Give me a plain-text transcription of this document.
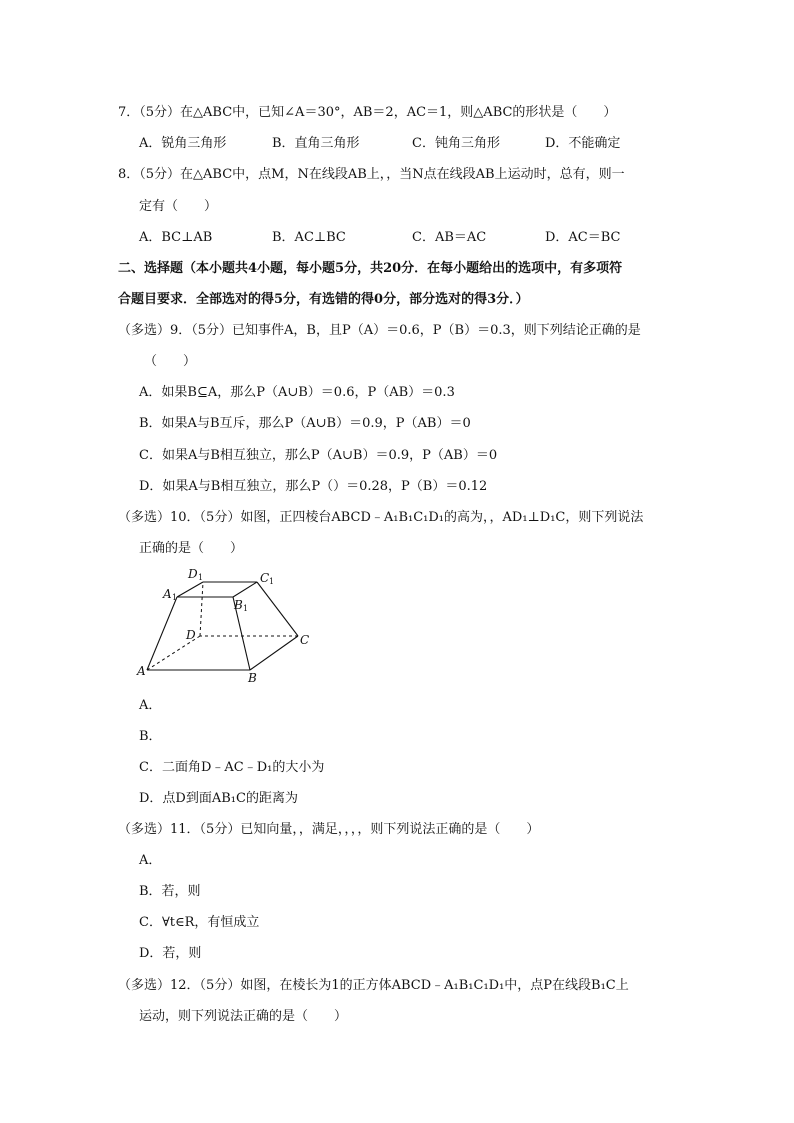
7．（5分）在△ABC中，已知∠A＝30°，AB＝2，AC＝1，则△ABC的形状是（　　）
A．锐角三角形	B．直角三角形	C．钝角三角形	D．不能确定
8．（5分）在△ABC中，点M，N在线段AB上，，当N点在线段AB上运动时，总有，则一
定有（　　）
A．BC⊥AB	B．AC⊥BC	C．AB＝AC	D．AC＝BC
二、选择题（本小题共4小题，每小题5分，共20分．在每小题给出的选项中，有多项符
合题目要求．全部选对的得5分，有选错的得0分，部分选对的得3分．）
（多选）9．（5分）已知事件A，B，且P（A）＝0.6，P（B）＝0.3，则下列结论正确的是
（　　）
A．如果B⊆A，那么P（A∪B）＝0.6，P（AB）＝0.3
B．如果A与B互斥，那么P（A∪B）＝0.9，P（AB）＝0
C．如果A与B相互独立，那么P（A∪B）＝0.9，P（AB）＝0
D．如果A与B相互独立，那么P（）＝0.28，P（B）＝0.12
（多选）10．（5分）如图，正四棱台ABCD﹣A₁B₁C₁D₁的高为，，AD₁⊥D₁C，则下列说法
正确的是（　　）
D 1	C 1
A 1
B 1
D	C
A	B
A．
B．
C．二面角D﹣AC﹣D₁的大小为
D．点D到面AB₁C的距离为
（多选）11．（5分）已知向量，，满足，，，，则下列说法正确的是（　　）
A．
B．若，则
C．∀t∈R，有恒成立
D．若，则
（多选）12．（5分）如图，在棱长为1的正方体ABCD﹣A₁B₁C₁D₁中，点P在线段B₁C上
运动，则下列说法正确的是（　　）
